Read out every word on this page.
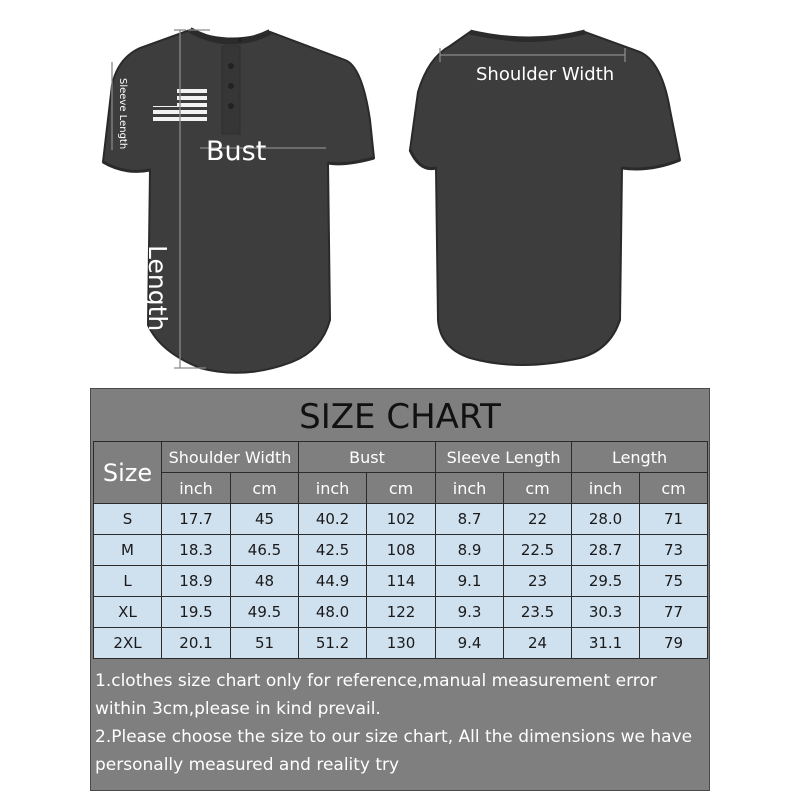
Bust
Length
Sleeve Length
Shoulder Width
SIZE CHART
Size	Shoulder Width		Bust		Sleeve Length		Length	
	inch	cm	inch	cm	inch	cm	inch	cm
S	17.7	45	40.2	102	8.7	22	28.0	71
M	18.3	46.5	42.5	108	8.9	22.5	28.7	73
L	18.9	48	44.9	114	9.1	23	29.5	75
XL	19.5	49.5	48.0	122	9.3	23.5	30.3	77
2XL	20.1	51	51.2	130	9.4	24	31.1	79

1.clothes size chart only for reference,manual measurement error within 3cm,please in kind prevail.

2.Please choose the size to our size chart, All the dimensions we have personally measured and reality try
